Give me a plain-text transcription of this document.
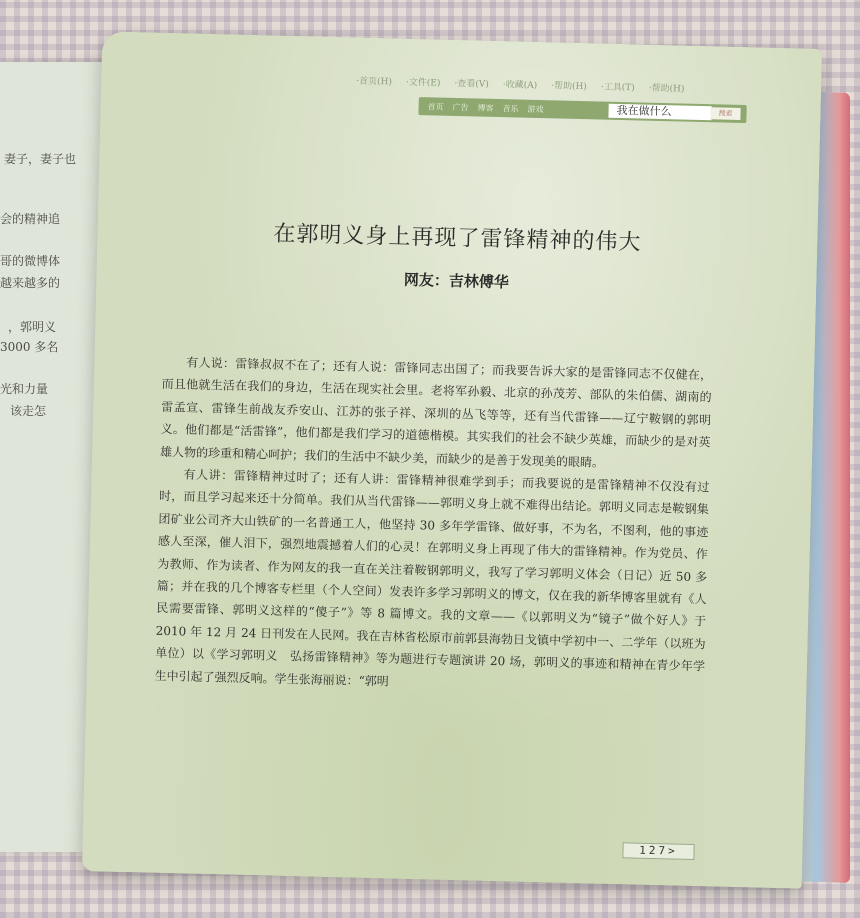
妻子，妻子也
会的精神追
哥的微博体
越来越多的
，郭明义
3000 多名
光和力量
该走怎
·首页(H) ·文件(E) ·查看(V) ·收藏(A) ·帮助(H) ·工具(T) ·帮助(H)
首页 广告 博客 音乐 游戏	我在做什么	搜索
在郭明义身上再现了雷锋精神的伟大
网友：吉林傅华

有人说：雷锋叔叔不在了；还有人说：雷锋同志出国了；而我要告诉大家的是雷锋同志不仅健在，而且他就生活在我们的身边，生活在现实社会里。老将军孙毅、北京的孙茂芳、部队的朱伯儒、湖南的雷孟宣、雷锋生前战友乔安山、江苏的张子祥、深圳的丛飞等等，还有当代雷锋——辽宁鞍钢的郭明义。他们都是“活雷锋”，他们都是我们学习的道德楷模。其实我们的社会不缺少英雄，而缺少的是对英雄人物的珍重和精心呵护；我们的生活中不缺少美，而缺少的是善于发现美的眼睛。

有人讲：雷锋精神过时了；还有人讲：雷锋精神很难学到手；而我要说的是雷锋精神不仅没有过时，而且学习起来还十分简单。我们从当代雷锋——郭明义身上就不难得出结论。郭明义同志是鞍钢集团矿业公司齐大山铁矿的一名普通工人，他坚持 30 多年学雷锋、做好事，不为名，不图利，他的事迹感人至深，催人泪下，强烈地震撼着人们的心灵！在郭明义身上再现了伟大的雷锋精神。作为党员、作为教师、作为读者、作为网友的我一直在关注着鞍钢郭明义，我写了学习郭明义体会（日记）近 50 多篇；并在我的几个博客专栏里（个人空间）发表许多学习郭明义的博文，仅在我的新华博客里就有《人民需要雷锋、郭明义这样的“傻子”》等 8 篇博文。我的文章——《以郭明义为“镜子”做个好人》于 2010 年 12 月 24 日刊发在人民网。我在吉林省松原市前郭县海勃日戈镇中学初中一、二学年（以班为单位）以《学习郭明义　弘扬雷锋精神》等为题进行专题演讲 20 场，郭明义的事迹和精神在青少年学生中引起了强烈反响。学生张海丽说：“郭明

127>
